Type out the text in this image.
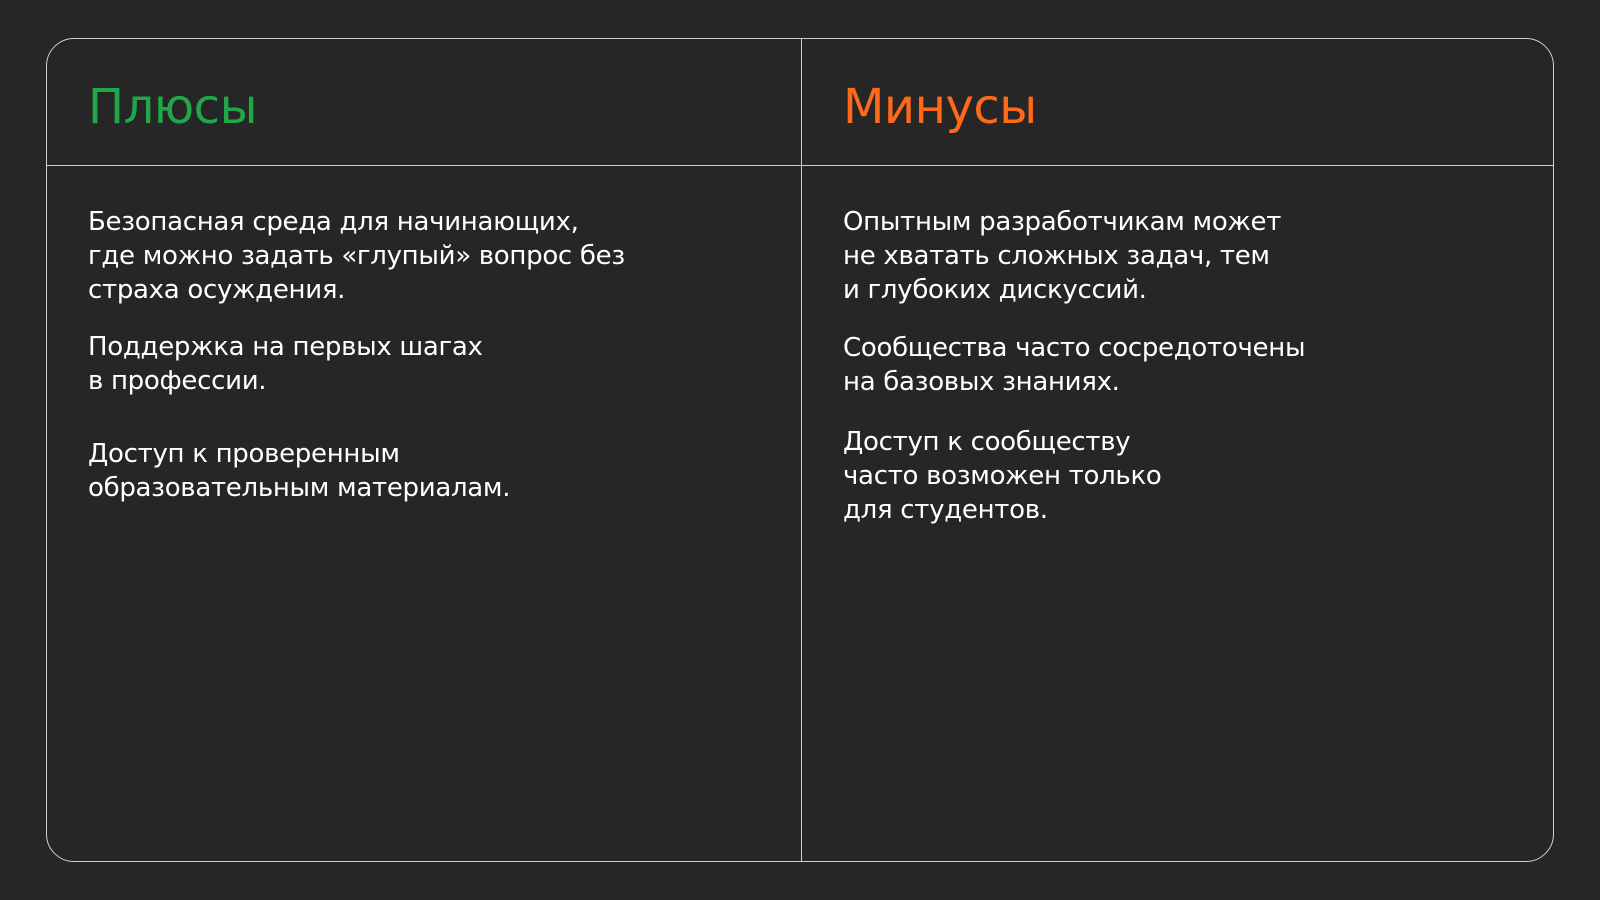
Плюсы	Минусы

Безопасная среда для начинающих,
где можно задать «глупый» вопрос без
страха осуждения.

Поддержка на первых шагах
в профессии.

Доступ к проверенным
образовательным материалам.

Опытным разработчикам может
не хватать сложных задач, тем
и глубоких дискуссий.

Сообщества часто сосредоточены
на базовых знаниях.

Доступ к сообществу
часто возможен только
для студентов.
